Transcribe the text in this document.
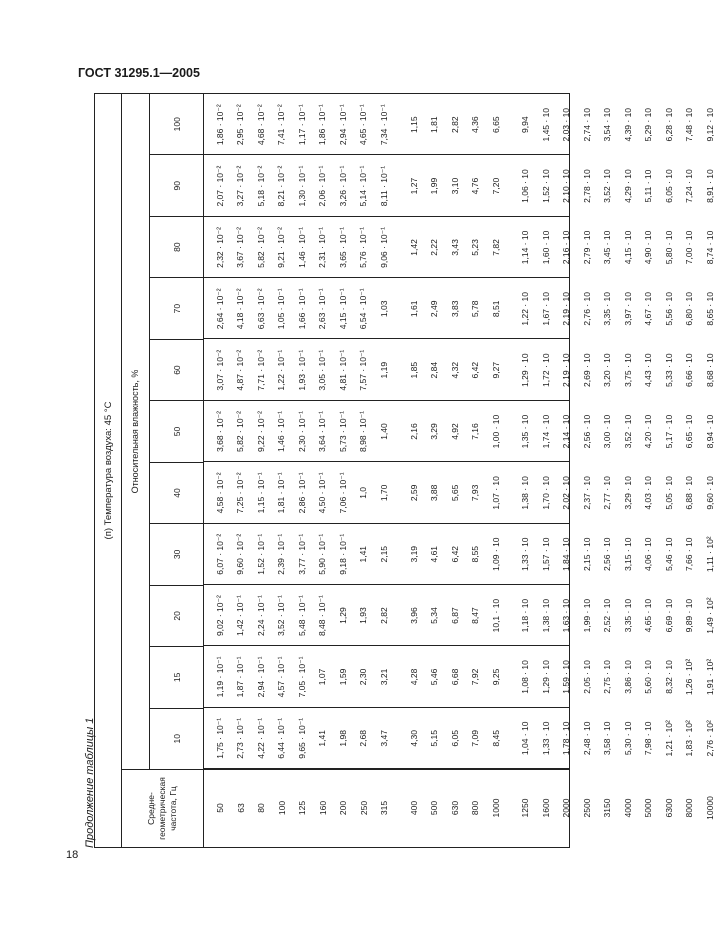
ГОСТ 31295.1—2005
18
Продолжение таблицы 1
(п) Температура воздуха: 45 °С
Средне-
геометрическая
частота, Гц
Относительная влажность, %
10
15
20
30
40
50
60
70
80
90
100
50
1,75 · 10⁻¹
1,19 · 10⁻¹
9,02 · 10⁻²
6,07 · 10⁻²
4,58 · 10⁻²
3,68 · 10⁻²
3,07 · 10⁻²
2,64 · 10⁻²
2,32 · 10⁻²
2,07 · 10⁻²
1,86 · 10⁻²
63
2,73 · 10⁻¹
1,87 · 10⁻¹
1,42 · 10⁻¹
9,60 · 10⁻²
7,25 · 10⁻²
5,82 · 10⁻²
4,87 · 10⁻²
4,18 · 10⁻²
3,67 · 10⁻²
3,27 · 10⁻²
2,95 · 10⁻²
80
4,22 · 10⁻¹
2,94 · 10⁻¹
2,24 · 10⁻¹
1,52 · 10⁻¹
1,15 · 10⁻¹
9,22 · 10⁻²
7,71 · 10⁻²
6,63 · 10⁻²
5,82 · 10⁻²
5,18 · 10⁻²
4,68 · 10⁻²
100
6,44 · 10⁻¹
4,57 · 10⁻¹
3,52 · 10⁻¹
2,39 · 10⁻¹
1,81 · 10⁻¹
1,46 · 10⁻¹
1,22 · 10⁻¹
1,05 · 10⁻¹
9,21 · 10⁻²
8,21 · 10⁻²
7,41 · 10⁻²
125
9,65 · 10⁻¹
7,05 · 10⁻¹
5,48 · 10⁻¹
3,77 · 10⁻¹
2,86 · 10⁻¹
2,30 · 10⁻¹
1,93 · 10⁻¹
1,66 · 10⁻¹
1,46 · 10⁻¹
1,30 · 10⁻¹
1,17 · 10⁻¹
160
1,41
1,07
8,48 · 10⁻¹
5,90 · 10⁻¹
4,50 · 10⁻¹
3,64 · 10⁻¹
3,05 · 10⁻¹
2,63 · 10⁻¹
2,31 · 10⁻¹
2,06 · 10⁻¹
1,86 · 10⁻¹
200
1,98
1,59
1,29
9,18 · 10⁻¹
7,06 · 10⁻¹
5,73 · 10⁻¹
4,81 · 10⁻¹
4,15 · 10⁻¹
3,65 · 10⁻¹
3,26 · 10⁻¹
2,94 · 10⁻¹
250
2,68
2,30
1,93
1,41
1,0
8,98 · 10⁻¹
7,57 · 10⁻¹
6,54 · 10⁻¹
5,76 · 10⁻¹
5,14 · 10⁻¹
4,65 · 10⁻¹
315
3,47
3,21
2,82
2,15
1,70
1,40
1,19
1,03
9,06 · 10⁻¹
8,11 · 10⁻¹
7,34 · 10⁻¹
400
4,30
4,28
3,96
3,19
2,59
2,16
1,85
1,61
1,42
1,27
1,15
500
5,15
5,46
5,34
4,61
3,88
3,29
2,84
2,49
2,22
1,99
1,81
630
6,05
6,68
6,87
6,42
5,65
4,92
4,32
3,83
3,43
3,10
2,82
800
7,09
7,92
8,47
8,55
7,93
7,16
6,42
5,78
5,23
4,76
4,36
1000
8,45
9,25
10,1 · 10
1,09 · 10
1,07 · 10
1,00 · 10
9,27
8,51
7,82
7,20
6,65
1250
1,04 · 10
1,08 · 10
1,18 · 10
1,33 · 10
1,38 · 10
1,35 · 10
1,29 · 10
1,22 · 10
1,14 · 10
1,06 · 10
9,94
1600
1,33 · 10
1,29 · 10
1,38 · 10
1,57 · 10
1,70 · 10
1,74 · 10
1,72 · 10
1,67 · 10
1,60 · 10
1,52 · 10
1,45 · 10
2000
1,78 · 10
1,59 · 10
1,63 · 10
1,84 · 10
2,02 · 10
2,14 · 10
2,19 · 10
2,19 · 10
2,16 · 10
2,10 · 10
2,03 · 10
2500
2,48 · 10
2,05 · 10
1,99 · 10
2,15 · 10
2,37 · 10
2,56 · 10
2,69 · 10
2,76 · 10
2,79 · 10
2,78 · 10
2,74 · 10
3150
3,58 · 10
2,75 · 10
2,52 · 10
2,56 · 10
2,77 · 10
3,00 · 10
3,20 · 10
3,35 · 10
3,45 · 10
3,52 · 10
3,54 · 10
4000
5,30 · 10
3,86 · 10
3,35 · 10
3,15 · 10
3,29 · 10
3,52 · 10
3,75 · 10
3,97 · 10
4,15 · 10
4,29 · 10
4,39 · 10
5000
7,98 · 10
5,60 · 10
4,65 · 10
4,06 · 10
4,03 · 10
4,20 · 10
4,43 · 10
4,67 · 10
4,90 · 10
5,11 · 10
5,29 · 10
6300
1,21 · 10²
8,32 · 10
6,69 · 10
5,46 · 10
5,05 · 10
5,17 · 10
5,33 · 10
5,56 · 10
5,80 · 10
6,05 · 10
6,28 · 10
8000
1,83 · 10²
1,26 · 10²
9,89 · 10
7,66 · 10
6,88 · 10
6,65 · 10
6,66 · 10
6,80 · 10
7,00 · 10
7,24 · 10
7,48 · 10
10000
2,76 · 10²
1,91 · 10²
1,49 · 10²
1,11 · 10²
9,60 · 10
8,94 · 10
8,68 · 10
8,65 · 10
8,74 · 10
8,91 · 10
9,12 · 10
